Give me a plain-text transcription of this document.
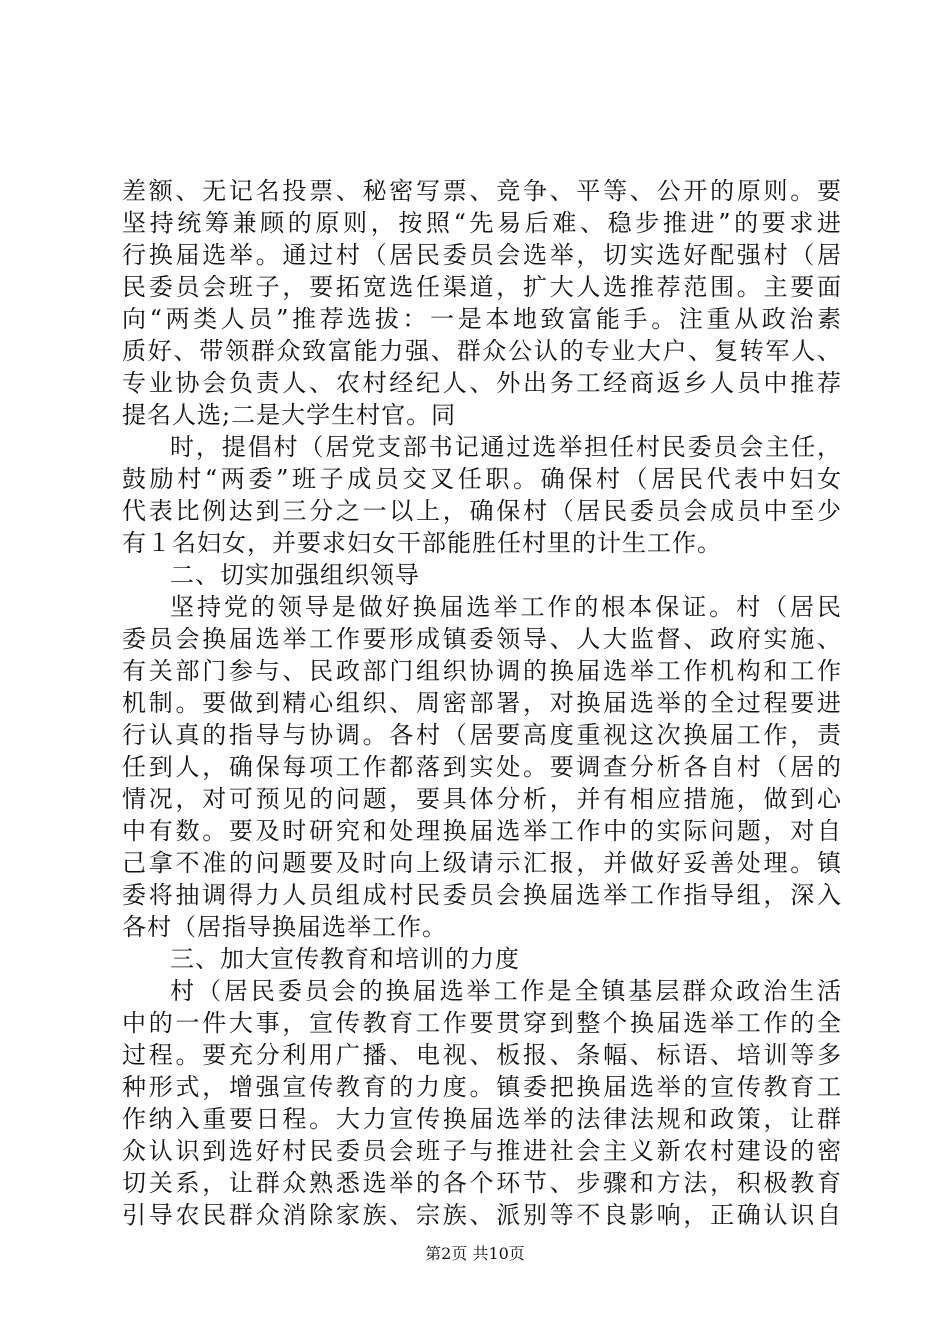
差额、无记名投票、秘密写票、竞争、平等、公开的原则。要
坚持统筹兼顾的原则，按照“先易后难、稳步推进”的要求进
行换届选举。通过村（居民委员会选举，切实选好配强村（居
民委员会班子，要拓宽选任渠道，扩大人选推荐范围。主要面
向“两类人员”推荐选拔：一是本地致富能手。注重从政治素
质好、带领群众致富能力强、群众公认的专业大户、复转军人、
专业协会负责人、农村经纪人、外出务工经商返乡人员中推荐
提名人选;二是大学生村官。同
时，提倡村（居党支部书记通过选举担任村民委员会主任，
鼓励村“两委”班子成员交叉任职。确保村（居民代表中妇女
代表比例达到三分之一以上，确保村（居民委员会成员中至少
有１名妇女，并要求妇女干部能胜任村里的计生工作。
二、切实加强组织领导
坚持党的领导是做好换届选举工作的根本保证。村（居民
委员会换届选举工作要形成镇委领导、人大监督、政府实施、
有关部门参与、民政部门组织协调的换届选举工作机构和工作
机制。要做到精心组织、周密部署，对换届选举的全过程要进
行认真的指导与协调。各村（居要高度重视这次换届工作，责
任到人，确保每项工作都落到实处。要调查分析各自村（居的
情况，对可预见的问题，要具体分析，并有相应措施，做到心
中有数。要及时研究和处理换届选举工作中的实际问题，对自
己拿不准的问题要及时向上级请示汇报，并做好妥善处理。镇
委将抽调得力人员组成村民委员会换届选举工作指导组，深入
各村（居指导换届选举工作。
三、加大宣传教育和培训的力度
村（居民委员会的换届选举工作是全镇基层群众政治生活
中的一件大事，宣传教育工作要贯穿到整个换届选举工作的全
过程。要充分利用广播、电视、板报、条幅、标语、培训等多
种形式，增强宣传教育的力度。镇委把换届选举的宣传教育工
作纳入重要日程。大力宣传换届选举的法律法规和政策，让群
众认识到选好村民委员会班子与推进社会主义新农村建设的密
切关系，让群众熟悉选举的各个环节、步骤和方法，积极教育
引导农民群众消除家族、宗族、派别等不良影响，正确认识自
第2页 共10页
